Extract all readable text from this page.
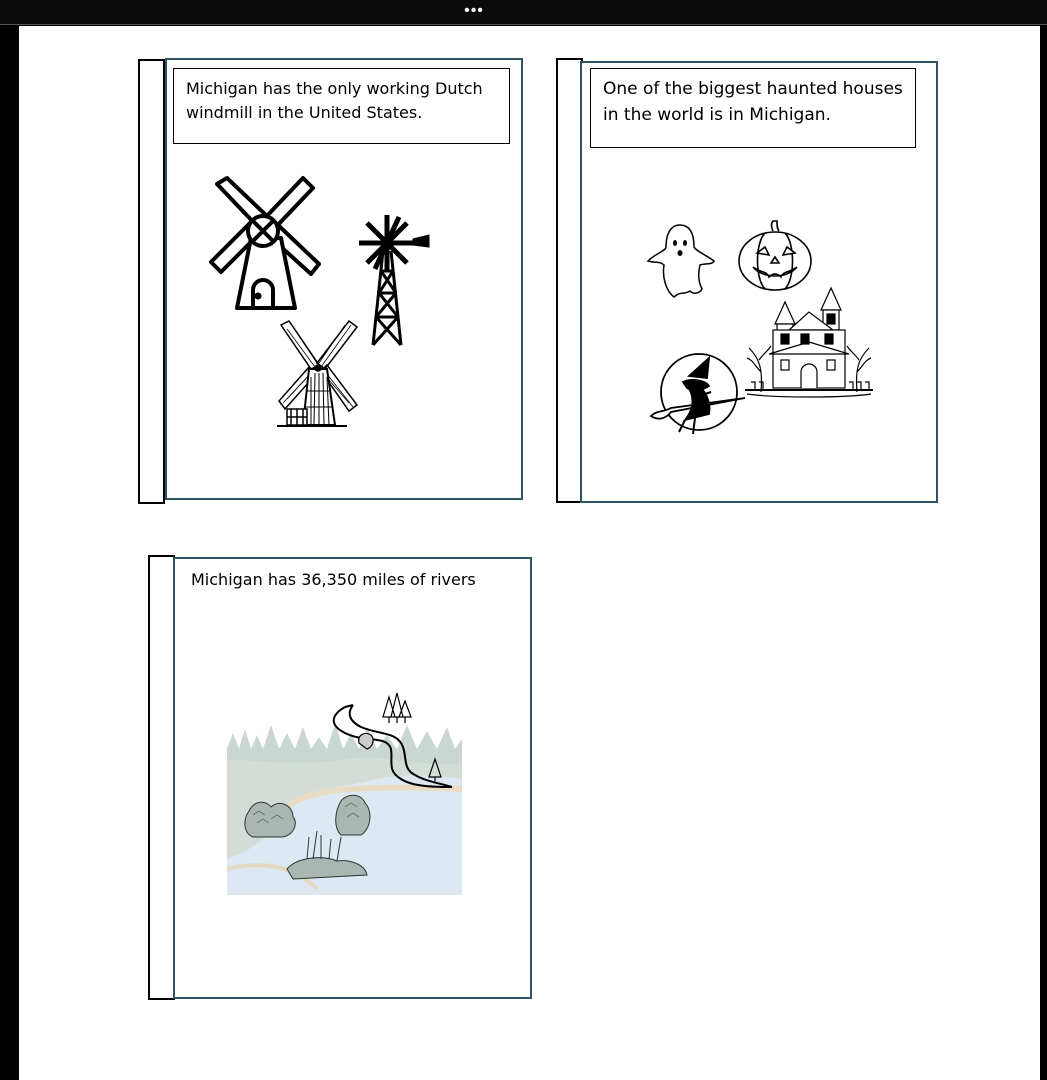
•••
Michigan has the only working Dutch windmill in the United States.
One of the biggest haunted houses in the world is in Michigan.
Michigan has 36,350 miles of rivers
